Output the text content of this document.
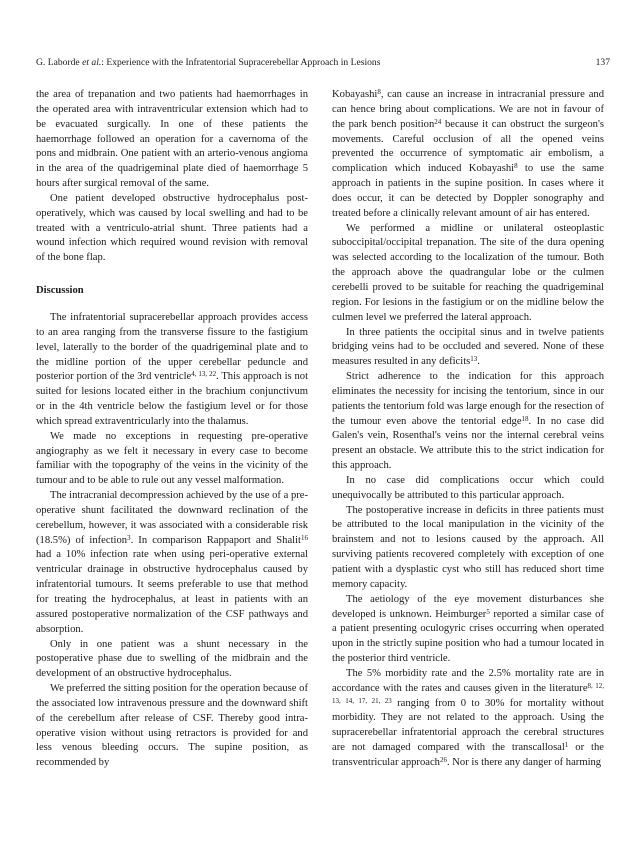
G. Laborde et al.: Experience with the Infratentorial Supracerebellar Approach in Lesions	137

the area of trepanation and two patients had haemorrhages in the operated area with intraventricular extension which had to be evacuated surgically. In one of these patients the haemorrhage followed an operation for a cavernoma of the pons and midbrain. One patient with an arterio-venous angioma in the area of the quadrigeminal plate died of haemorrhage 5 hours after surgical removal of the same.

One patient developed obstructive hydrocephalus post-operatively, which was caused by local swelling and had to be treated with a ventriculo-atrial shunt. Three patients had a wound infection which required wound revision with removal of the bone flap.

Discussion

The infratentorial supracerebellar approach provides access to an area ranging from the transverse fissure to the fastigium level, laterally to the border of the quadrigeminal plate and to the midline portion of the upper cerebellar peduncle and posterior portion of the 3rd ventricle$^{4, 13, 22}$. This approach is not suited for lesions located either in the brachium conjunctivum or in the 4th ventricle below the fastigium level or for those which spread extraventricularly into the thalamus.

We made no exceptions in requesting pre-operative angiography as we felt it necessary in every case to become familiar with the topography of the veins in the vicinity of the tumour and to be able to rule out any vessel malformation.

The intracranial decompression achieved by the use of a pre-operative shunt facilitated the downward reclination of the cerebellum, however, it was associated with a considerable risk (18.5%) of infection$^3$. In comparison Rappaport and Shalit$^{16}$ had a 10% infection rate when using peri-operative external ventricular drainage in obstructive hydrocephalus caused by infratentorial tumours. It seems preferable to use that method for treating the hydrocephalus, at least in patients with an assured postoperative normalization of the CSF pathways and absorption.

Only in one patient was a shunt necessary in the postoperative phase due to swelling of the midbrain and the development of an obstructive hydrocephalus.

We preferred the sitting position for the operation because of the associated low intravenous pressure and the downward shift of the cerebellum after release of CSF. Thereby good intra-operative vision without using retractors is provided for and less venous bleeding occurs. The supine position, as recommended by

Kobayashi$^8$, can cause an increase in intracranial pressure and can hence bring about complications. We are not in favour of the park bench position$^{24}$ because it can obstruct the surgeon's movements. Careful occlusion of all the opened veins prevented the occurrence of symptomatic air embolism, a complication which induced Kobayashi$^8$ to use the same approach in patients in the supine position. In cases where it does occur, it can be detected by Doppler sonography and treated before a clinically relevant amount of air has entered.

We performed a midline or unilateral osteoplastic suboccipital/occipital trepanation. The site of the dura opening was selected according to the localization of the tumour. Both the approach above the quadrangular lobe or the culmen cerebelli proved to be suitable for reaching the quadrigeminal region. For lesions in the fastigium or on the midline below the culmen level we preferred the lateral approach.

In three patients the occipital sinus and in twelve patients bridging veins had to be occluded and severed. None of these measures resulted in any deficits$^{13}$.

Strict adherence to the indication for this approach eliminates the necessity for incising the tentorium, since in our patients the tentorium fold was large enough for the resection of the tumour even above the tentorial edge$^{18}$. In no case did Galen's vein, Rosenthal's veins nor the internal cerebral veins present an obstacle. We attribute this to the strict indication for this approach.

In no case did complications occur which could unequivocally be attributed to this particular approach.

The postoperative increase in deficits in three patients must be attributed to the local manipulation in the vicinity of the brainstem and not to lesions caused by the approach. All surviving patients recovered completely with exception of one patient with a dysplastic cyst who still has reduced short time memory capacity.

The aetiology of the eye movement disturbances she developed is unknown. Heimburger$^5$ reported a similar case of a patient presenting oculogyric crises occurring when operated upon in the strictly supine position who had a tumour located in the posterior third ventricle.

The 5% morbidity rate and the 2.5% mortality rate are in accordance with the rates and causes given in the literature$^{8, 12, 13, 14, 17, 21, 23}$ ranging from 0 to 30% for mortality without morbidity. They are not related to the approach. Using the supracerebellar infratentorial approach the cerebral structures are not damaged compared with the transcallosal$^1$ or the transventricular approach$^{26}$. Nor is there any danger of harming
